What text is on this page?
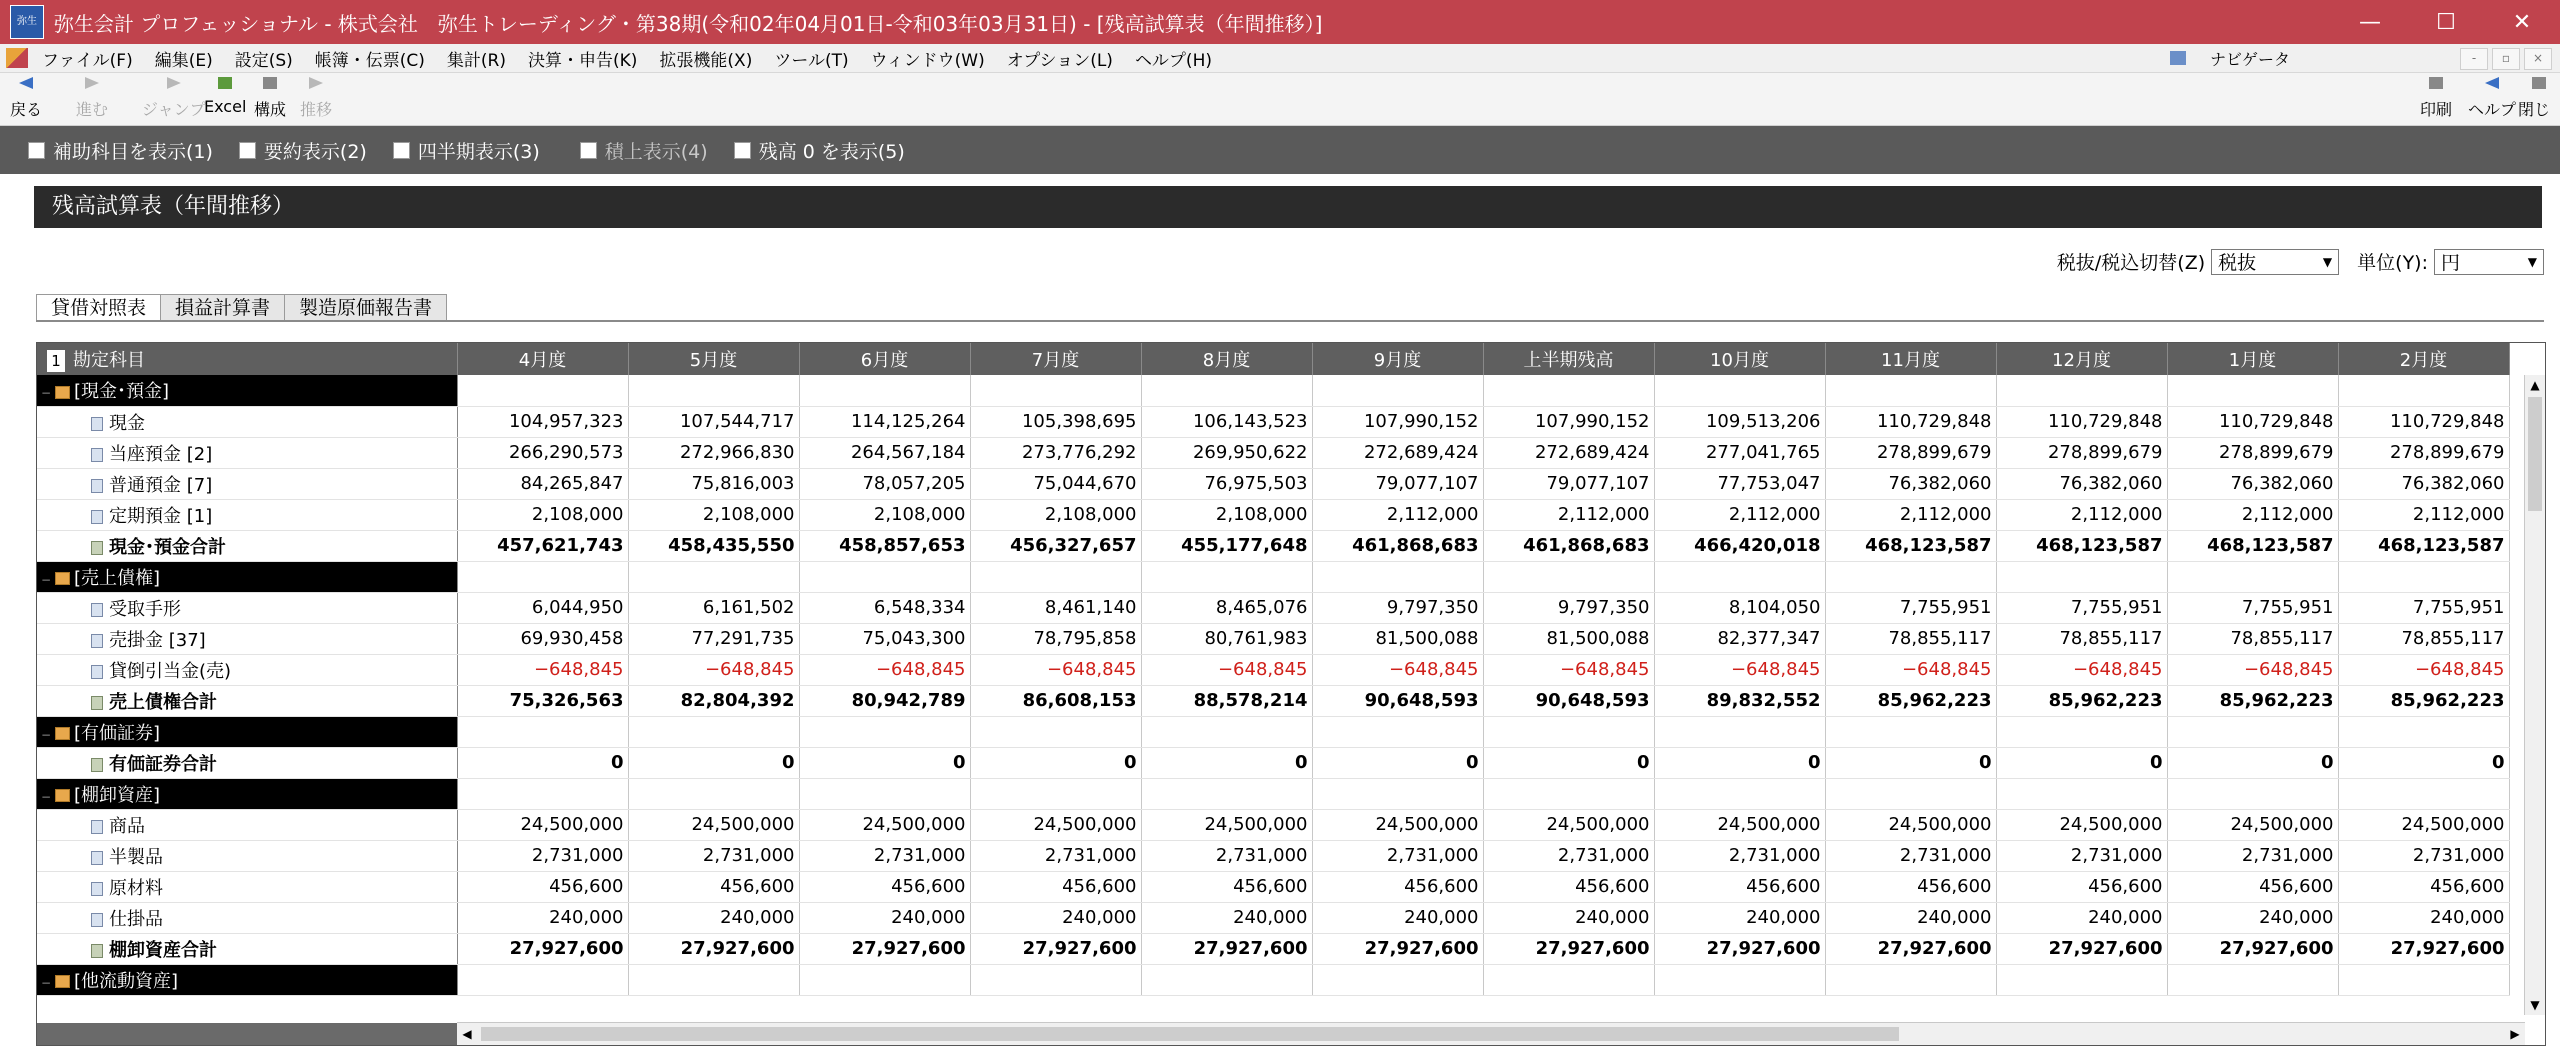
弥生 弥生会計 プロフェッショナル - 株式会社　弥生トレーディング・第38期(令和02年04月01日-令和03年03月31日) - [残高試算表（年間推移）]	—	☐	✕
ファイル(F) 編集(E) 設定(S) 帳簿・伝票(C) 集計(R) 決算・申告(K) 拡張機能(X) ツール(T) ウィンドウ(W) オプション(L) ヘルプ(H)	ナビゲータ	-	▫	×
戻る 進む ジャンプ
Excel 構成 推移	印刷 ヘルプ 閉じ
補助科目を表示(1)	要約表示(2)	四半期表示(3)	積上表示(4)	残高 0 を表示(5)
残高試算表（年間推移）
税抜/税込切替(Z) 税抜	▼ 単位(Y): 円	▼
貸借対照表	損益計算書	製造原価報告書
1 勘定科目	4月度	5月度	6月度	7月度	8月度	9月度	上半期残高	10月度	11月度	12月度	1月度	2月度
− [現金･預金]												
現金	104,957,323	107,544,717	114,125,264	105,398,695	106,143,523	107,990,152	107,990,152	109,513,206	110,729,848	110,729,848	110,729,848	110,729,848
当座預金 [2]	266,290,573	272,966,830	264,567,184	273,776,292	269,950,622	272,689,424	272,689,424	277,041,765	278,899,679	278,899,679	278,899,679	278,899,679
普通預金 [7]	84,265,847	75,816,003	78,057,205	75,044,670	76,975,503	79,077,107	79,077,107	77,753,047	76,382,060	76,382,060	76,382,060	76,382,060
定期預金 [1]	2,108,000	2,108,000	2,108,000	2,108,000	2,108,000	2,112,000	2,112,000	2,112,000	2,112,000	2,112,000	2,112,000	2,112,000
現金･預金合計	457,621,743	458,435,550	458,857,653	456,327,657	455,177,648	461,868,683	461,868,683	466,420,018	468,123,587	468,123,587	468,123,587	468,123,587
− [売上債権]												
受取手形	6,044,950	6,161,502	6,548,334	8,461,140	8,465,076	9,797,350	9,797,350	8,104,050	7,755,951	7,755,951	7,755,951	7,755,951
売掛金 [37]	69,930,458	77,291,735	75,043,300	78,795,858	80,761,983	81,500,088	81,500,088	82,377,347	78,855,117	78,855,117	78,855,117	78,855,117
貸倒引当金(売)	−648,845	−648,845	−648,845	−648,845	−648,845	−648,845	−648,845	−648,845	−648,845	−648,845	−648,845	−648,845
売上債権合計	75,326,563	82,804,392	80,942,789	86,608,153	88,578,214	90,648,593	90,648,593	89,832,552	85,962,223	85,962,223	85,962,223	85,962,223
− [有価証券]												
有価証券合計	0	0	0	0	0	0	0	0	0	0	0	0
− [棚卸資産]												
商品	24,500,000	24,500,000	24,500,000	24,500,000	24,500,000	24,500,000	24,500,000	24,500,000	24,500,000	24,500,000	24,500,000	24,500,000
半製品	2,731,000	2,731,000	2,731,000	2,731,000	2,731,000	2,731,000	2,731,000	2,731,000	2,731,000	2,731,000	2,731,000	2,731,000
原材料	456,600	456,600	456,600	456,600	456,600	456,600	456,600	456,600	456,600	456,600	456,600	456,600
仕掛品	240,000	240,000	240,000	240,000	240,000	240,000	240,000	240,000	240,000	240,000	240,000	240,000
棚卸資産合計	27,927,600	27,927,600	27,927,600	27,927,600	27,927,600	27,927,600	27,927,600	27,927,600	27,927,600	27,927,600	27,927,600	27,927,600
− [他流動資産]												
▲
▼
◀	▶
